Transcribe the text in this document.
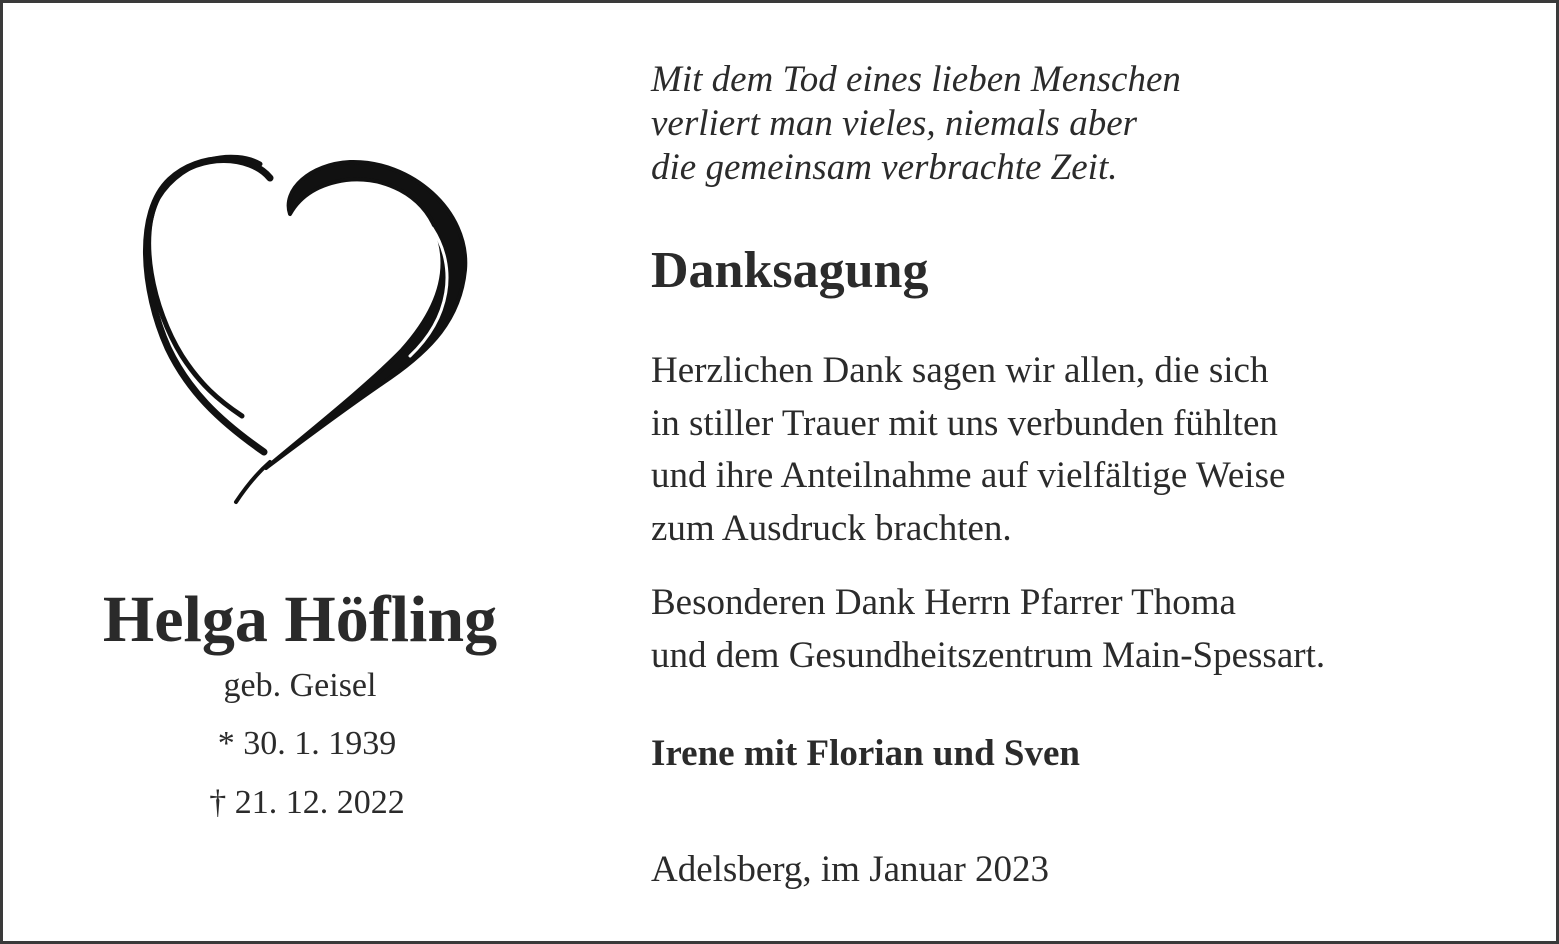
Helga Höfling
geb. Geisel
* 30. 1. 1939
† 21. 12. 2022
Mit dem Tod eines lieben Menschen
verliert man vieles, niemals aber
die gemeinsam verbrachte Zeit.
Danksagung
Herzlichen Dank sagen wir allen, die sich
in stiller Trauer mit uns verbunden fühlten
und ihre Anteilnahme auf vielfältige Weise
zum Ausdruck brachten.
Besonderen Dank Herrn Pfarrer Thoma
und dem Gesundheitszentrum Main-Spessart.
Irene mit Florian und Sven
Adelsberg, im Januar 2023
